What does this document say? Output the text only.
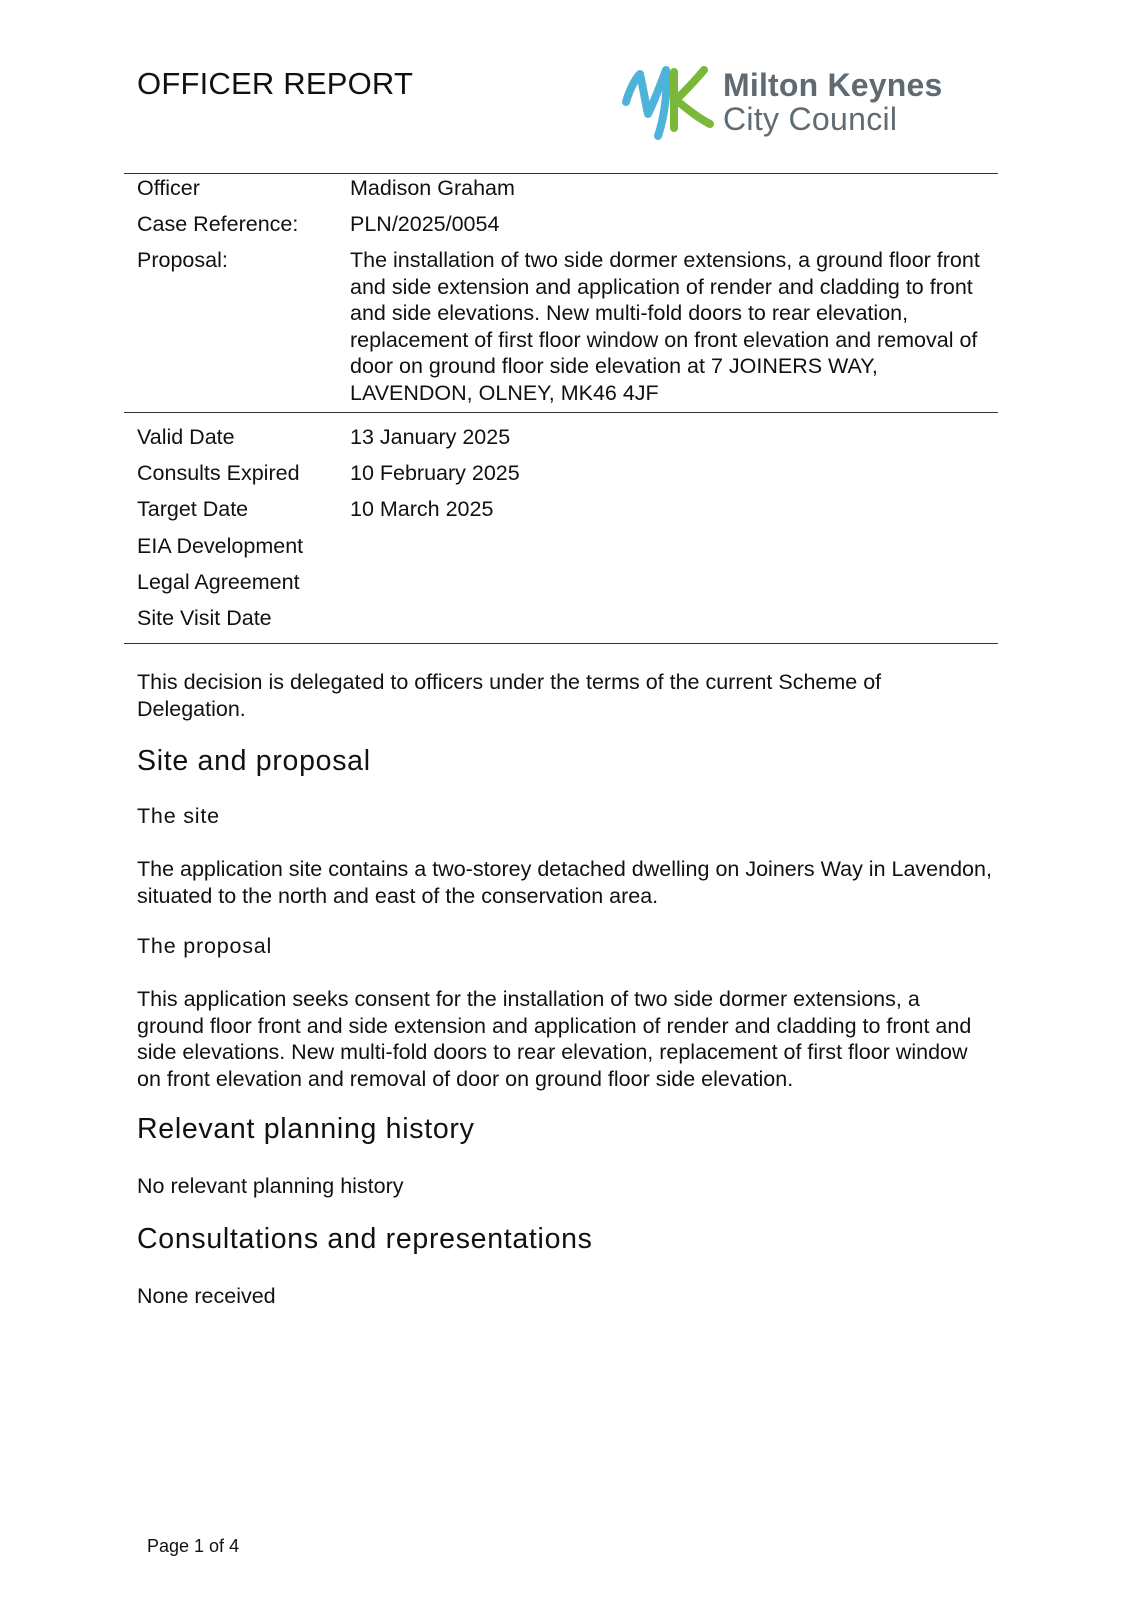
OFFICER REPORT	Milton Keynes
City Council
Officer	Madison Graham
Case Reference: PLN/2025/0054
Proposal:	The installation of two side dormer extensions, a ground floor front and side extension and application of render and cladding to front and side elevations. New multi-fold doors to rear elevation, replacement of first floor window on front elevation and removal of door on ground floor side elevation at 7 JOINERS WAY, LAVENDON, OLNEY, MK46 4JF
Valid Date	13 January 2025
Consults Expired 10 February 2025
Target Date	10 March 2025
EIA Development
Legal Agreement
Site Visit Date

This decision is delegated to officers under the terms of the current Scheme of Delegation.

Site and proposal
The site

The application site contains a two-storey detached dwelling on Joiners Way in Lavendon, situated to the north and east of the conservation area.

The proposal

This application seeks consent for the installation of two side dormer extensions, a ground floor front and side extension and application of render and cladding to front and side elevations. New multi-fold doors to rear elevation, replacement of first floor window on front elevation and removal of door on ground floor side elevation.

Relevant planning history

No relevant planning history

Consultations and representations

None received

Page 1 of 4
